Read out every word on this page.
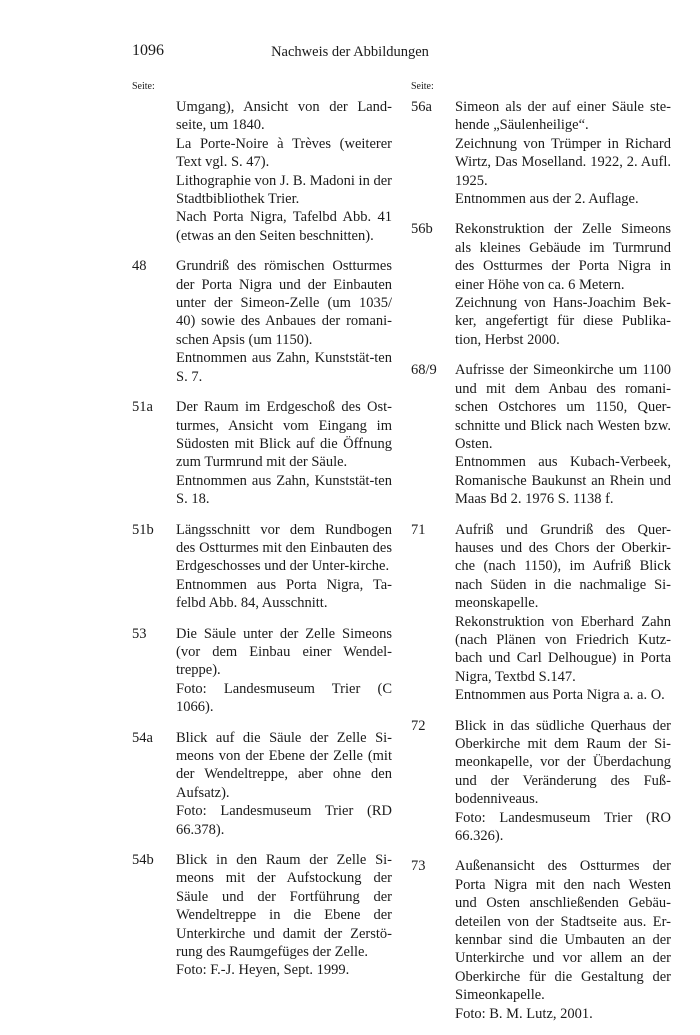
1096	Nachweis der Abbildungen
Seite:	Seite:
Umgang), Ansicht von der Land-seite, um 1840.
La Porte-Noire à Trèves (weiterer Text vgl. S. 47).
Lithographie von J. B. Madoni in der Stadtbibliothek Trier.
Nach Porta Nigra, Tafelbd Abb. 41 (etwas an den Seiten beschnitten).
48 Grundriß des römischen Ostturmes der Porta Nigra und der Einbauten unter der Simeon-Zelle (um 1035/ 40) sowie des Anbaues der romani-schen Apsis (um 1150).
Entnommen aus Zahn, Kunststät-ten S. 7.
51a Der Raum im Erdgeschoß des Ost-turmes, Ansicht vom Eingang im Südosten mit Blick auf die Öffnung zum Turmrund mit der Säule.
Entnommen aus Zahn, Kunststät-ten S. 18.
51b Längsschnitt vor dem Rundbogen des Ostturmes mit den Einbauten des Erdgeschosses und der Unter-kirche.
Entnommen aus Porta Nigra, Ta-felbd Abb. 84, Ausschnitt.
53 Die Säule unter der Zelle Simeons (vor dem Einbau einer Wendel-treppe).
Foto: Landesmuseum Trier (C 1066).
54a Blick auf die Säule der Zelle Si-meons von der Ebene der Zelle (mit der Wendeltreppe, aber ohne den Aufsatz).
Foto: Landesmuseum Trier (RD 66.378).
54b Blick in den Raum der Zelle Si-meons mit der Aufstockung der Säule und der Fortführung der Wendeltreppe in die Ebene der Unterkirche und damit der Zerstö-rung des Raumgefüges der Zelle.
Foto: F.-J. Heyen, Sept. 1999.
56a Simeon als der auf einer Säule ste-hende „Säulenheilige“.
Zeichnung von Trümper in Richard Wirtz, Das Moselland. 1922, 2. Aufl. 1925.
Entnommen aus der 2. Auflage.
56b Rekonstruktion der Zelle Simeons als kleines Gebäude im Turmrund des Ostturmes der Porta Nigra in einer Höhe von ca. 6 Metern.
Zeichnung von Hans-Joachim Bek-ker, angefertigt für diese Publika-tion, Herbst 2000.
68/9 Aufrisse der Simeonkirche um 1100 und mit dem Anbau des romani-schen Ostchores um 1150, Quer-schnitte und Blick nach Westen bzw. Osten.
Entnommen aus Kubach-Verbeek, Romanische Baukunst an Rhein und Maas Bd 2. 1976 S. 1138 f.
71 Aufriß und Grundriß des Quer-hauses und des Chors der Oberkir-che (nach 1150), im Aufriß Blick nach Süden in die nachmalige Si-meonskapelle.
Rekonstruktion von Eberhard Zahn (nach Plänen von Friedrich Kutz-bach und Carl Delhougue) in Porta Nigra, Textbd S.147.
Entnommen aus Porta Nigra a. a. O.
72 Blick in das südliche Querhaus der Oberkirche mit dem Raum der Si-meonkapelle, vor der Überdachung und der Veränderung des Fuß-bodenniveaus.
Foto: Landesmuseum Trier (RO 66.326).
73 Außenansicht des Ostturmes der Porta Nigra mit den nach Westen und Osten anschließenden Gebäu-deteilen von der Stadtseite aus. Er-kennbar sind die Umbauten an der Unterkirche und vor allem an der Oberkirche für die Gestaltung der Simeonkapelle.
Foto: B. M. Lutz, 2001.
